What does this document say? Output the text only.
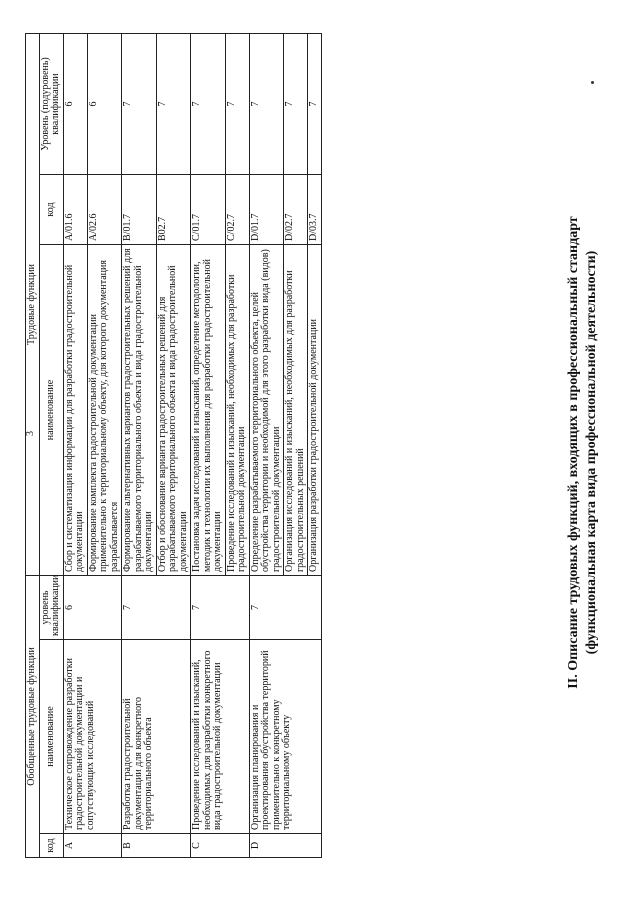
3	II. Описание трудовых функций, входящих в профессиональный стандарт (функциональная карта вида профессиональной деятельности)
Обобщенные трудовые функции			Трудовые функции		
код	наименование	уровень квалификации	наименование	код	Уровень (подуровень) квалификации
A	Техническое сопровождение разработки градостроительной документации и сопутствующих исследований	6	Сбор и систематизация информации для разработки градостроительной документации	A/01.6	6
			Формирование комплекта градостроительной документации применительно к территориальному объекту, для которого документация разрабатывается	A/02.6	6
B	Разработка градостроительной документации для конкретного территориального объекта	7	Формирование альтернативных вариантов градостроительных решений для разрабатываемого территориального объекта и вида градостроительной документации	B/01.7	7
			Отбор и обоснование варианта градостроительных решений для разрабатываемого территориального объекта и вида градостроительной документации	B02.7	7
C	Проведение исследований и изысканий, необходимых для разработки конкретного вида градостроительной документации	7	Постановка задач исследований и изысканий, определение методологии, методик и технологии их выполнения для разработки градостроительной документации	C/01.7	7
			Проведение исследований и изысканий, необходимых для разработки градостроительной документации	C/02.7	7
D	Организация планирования и проектирования обустройства территорий применительно к конкретному территориальному объекту	7	Определение разрабатываемого территориального объекта, целей обустройства территории и необходимой для этого разработки вида (видов) градостроительной документации	D/01.7	7
			Организация исследований и изысканий, необходимых для разработки градостроительных решений	D/02.7	7
			Организация разработки градостроительной документации	D/03.7	7
